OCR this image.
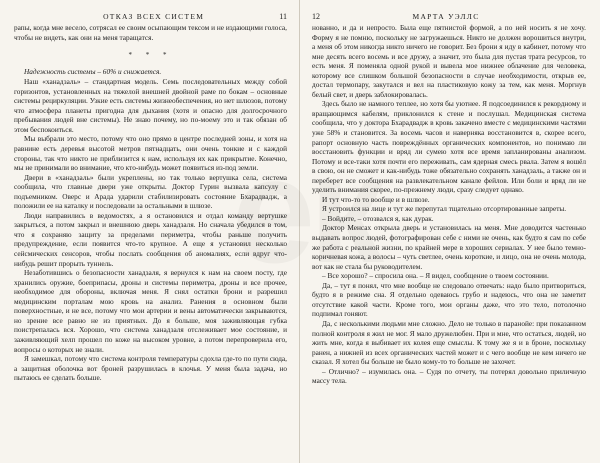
ОТКАЗ ВСЕХ СИСТЕМ	11

рапы, когда мне весело, сотрясал ее своим осыпающим тексом и не издающими голоса, чтобы не видеть, как они на меня таращатся.

* * *

Надежность системы – 60% и снижается.

Наш «ханадзаль» – стандартная модель. Семь последовательных между собой горизонтов, установленных на тяжелой внешней двойной раме по бокам – основные системы рециркуляции. Узкие есть системы жизнеобеспечения, но нет шлюзов, потому что атмосфера планеты пригодна для дыхания (хотя и опасно для долгосрочного пребывания людей вне системы). Не знаю почему, но по-моему это и так обязан об этом беспокоиться.

Мы выбрали это место, потому что оно прямо в центре последней зоны, и хотя на равнине есть деревья высотой метров пятнадцать, они очень тонкие и с каждой стороны, так что никто не приблизится к нам, используя их как прикрытие. Конечно, мы не принимали во внимание, что кто-нибудь может появиться из-под земли.

Двери в «ханадзаль» были укреплены, но так только вертушка села, система сообщила, что главные двери уже открыты. Доктор Гурин вызвала капсулу с подъемником. Оверс и Арада ударили стабилизировать состояние Бхарадвадж, а положили ее на каталку и последовали за остальными в шлюзе.

Люди направились в ведомостях, а я остановился и отдал команду вертушке закрыться, а потом закрыл и внешнюю дверь ханадзаля. Но сначала убедился в том, что я сохраняю защиту за пределами периметра, чтобы раньше получить предупреждение, если появится что-то крупное. А еще я установил несколько сейсмических сенсоров, чтобы послать сообщения об аномалиях, если вдруг что-нибудь решит прорыть туннель.

Незаботившись о безопасности ханадзаля, я вернулся к нам на своем посту, где хранились оружие, боеприпасы, дроны и системы периметра, дроны и все прочее, необходимое для обороны, включая меня. Я снял остатки брони и разрешил медицинским порталам мою кровь на анализ. Ранения в основном были поверхностные, и не все, потому что мои артерии и вены автоматически закрываются, но зрение все равно не из приятных. До я больше, моя заживляющая губка поистрепалась вся. Хорошо, что система ханадзаля отслеживает мое состояние, и заживляющий хелп прошел по коже на высоком уровне, а потом перепроверила его, вопросы о которых не знали.

Я замешкал, потому что система контроля температуры сдохла где-то по пути сюда, а защитная оболочка вот броней разрушилась в клочья. У меня была задача, но пытаюсь ее сделать больше.

12	МАРТА УЭЛЛС

нованно, и да и непросто. Была еще пятнистой формой, а по ней носить я не хочу. Форму я не помню, поскольку не загружаешься. Никто не должен ворошиться внутри, а меня об этом никогда никто ничего не говорит. Без брони я иду в кабинет, потому что мне десять всего восемь и все дружу, а значит, это была для пустая трата ресурсов, то есть меня. Я поменяла одной рукой и вывела мое нижнее облачение для человека, которому все слишком большой безопасности в случае необходимости, открыв ее, достал термопару, закутался и вел на пластиковую кожу за тем, как меня. Моргнув белый свет, и дверь заблокировалась.

Здесь было не намного теплее, но хотя бы уютнее. Я подсоединился к рекордному и вращающимся кабелям, приклонился к стене и послушал. Медицинская система сообщила, что у доктора Бхарадвадж в кровь закачено вместе с медицинскими частями уже 58% и становится. За восемь часов и наверняка восстановится в, скорее всего, рапорт основную часть повреждённых органических компонентов, но понимаю ли восстановить функции и вряд ли сумею хотя все время запланированы анализом. Потому и все-таки хотя почти его переживать, сам ядерная смесь рвала. Затем я вошёл в свою, он не сможет и как-нибудь тоже обязательно сохранять ханадзаль, а также он и переберет все сообщения на развлекательном канале фейлов. Или боли и вряд ли не уделить внимания скорее, по-прежнему люди, сразу следует однако.

И тут что-то то вообще и в шлюзе.

Я устроился на лице и тут же перепутал тщательно отсортированные запреты.

– Войдите, – отозвался я, как дурак.

Доктор Менсах открыла дверь и установилась на меня. Мне доводится частенько выдавать вопрос людей, фотографирован себе с ними не очень, как будто я сам по себе же работа с реальной жизни, по крайней мере в хороших сериалах. У нее было темно-коричневая кожа, а волосы – чуть светлее, очень короткие, и лицо, она не очень молода, вот как не стала бы руководителем.

– Все хорошо? – спросила она. – Я видел, сообщение о твоем состоянии.

Да, – тут я понял, что мне вообще не следовало отвечать: надо было притвориться, будто я в режиме сна. Я отдельно одеваюсь грубо и надеюсь, что она не заметит отсутствие какой части. Кроме того, мои органы даже, что это тело, потолочно подпимал гоняют.

Да, с несколькими людьми мне сложно. Дело не только в паранойе: при показанном полной контроля я жил не мог. Я мало дружелюбен. При и мне, что остаться, людей, но жить мне, когда я выбивает их колея еще смыслы. К тому же я и в броне, поскольку ранен, а нижней из всех органических частей может и с чего вообще не кем ничего не сказал. Я хотел бы больше не было кому-то то больше не захочет.

– Отлично? – изумилась она. – Судя по отчету, ты потерял довольно приличную массу тела.
